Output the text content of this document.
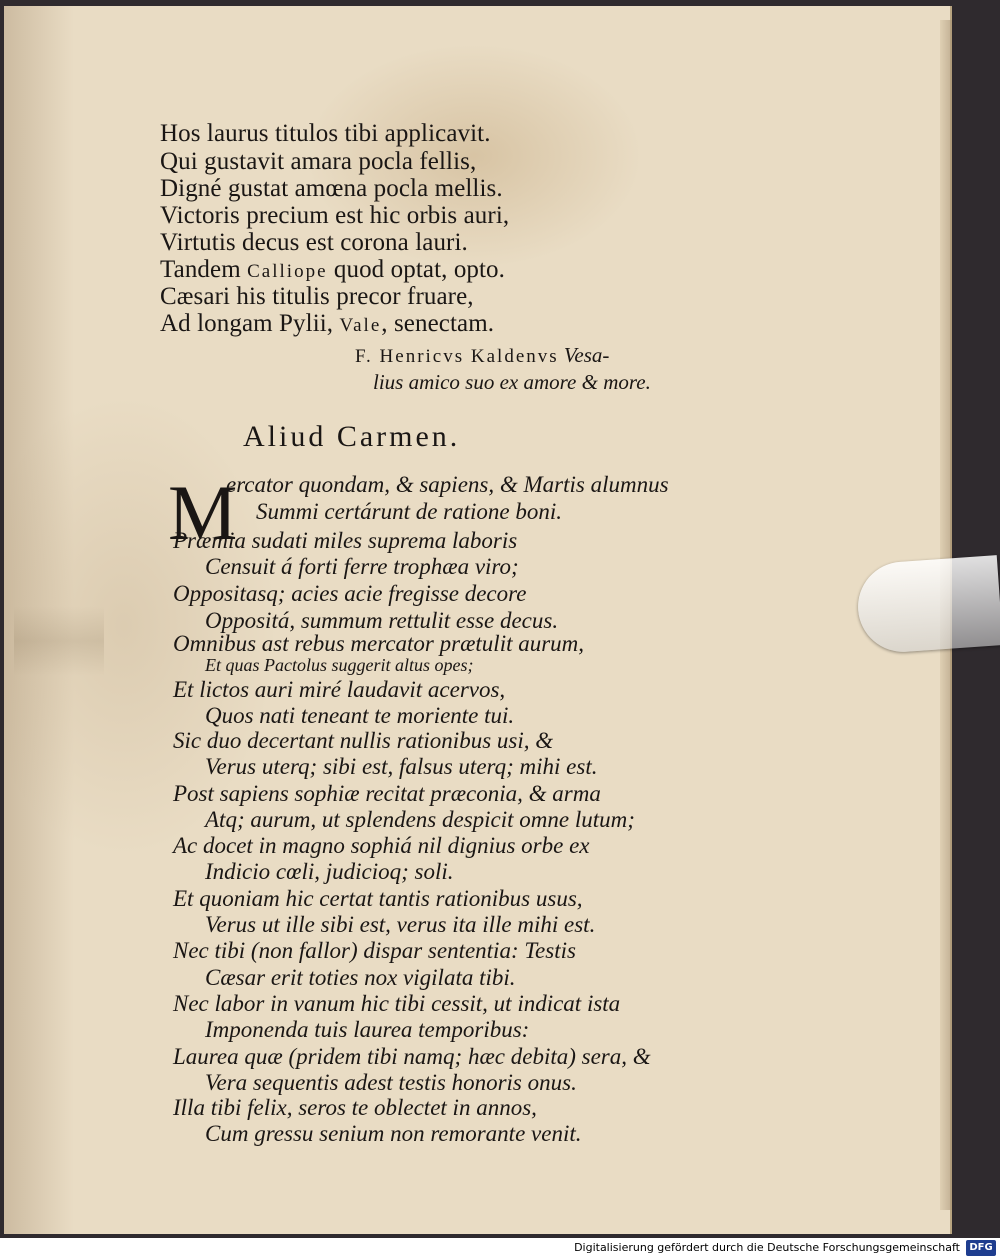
Hos laurus titulos tibi applicavit.
Qui gustavit amara pocla fellis,
Digné gustat amœna pocla mellis.
Victoris precium est hic orbis auri,
Virtutis decus est corona lauri.
Tandem Calliope quod optat, opto.
Cæsari his titulis precor fruare,
Ad longam Pylii, Vale, senectam.
F. Henricvs Kaldenvs Vesa-
lius amico suo ex amore & more.
Aliud Carmen.
M
ercator quondam, & sapiens, & Martis alumnus
Summi certárunt de ratione boni.
Præmia sudati miles suprema laboris
Censuit á forti ferre trophæa viro;
Oppositasq; acies acie fregisse decore
Oppositá, summum rettulit esse decus.
Omnibus ast rebus mercator prætulit aurum,
Et quas Pactolus suggerit altus opes;
Et lictos auri miré laudavit acervos,
Quos nati teneant te moriente tui.
Sic duo decertant nullis rationibus usi, &
Verus uterq; sibi est, falsus uterq; mihi est.
Post sapiens sophiæ recitat præconia, & arma
Atq; aurum, ut splendens despicit omne lutum;
Ac docet in magno sophiá nil dignius orbe ex
Indicio cœli, judicioq; soli.
Et quoniam hic certat tantis rationibus usus,
Verus ut ille sibi est, verus ita ille mihi est.
Nec tibi (non fallor) dispar sententia: Testis
Cæsar erit toties nox vigilata tibi.
Nec labor in vanum hic tibi cessit, ut indicat ista
Imponenda tuis laurea temporibus:
Laurea quæ (pridem tibi namq; hæc debita) sera, &
Vera sequentis adest testis honoris onus.
Illa tibi felix, seros te oblectet in annos,
Cum gressu senium non remorante venit.
Digitalisierung gefördert durch die Deutsche Forschungsgemeinschaft DFG
